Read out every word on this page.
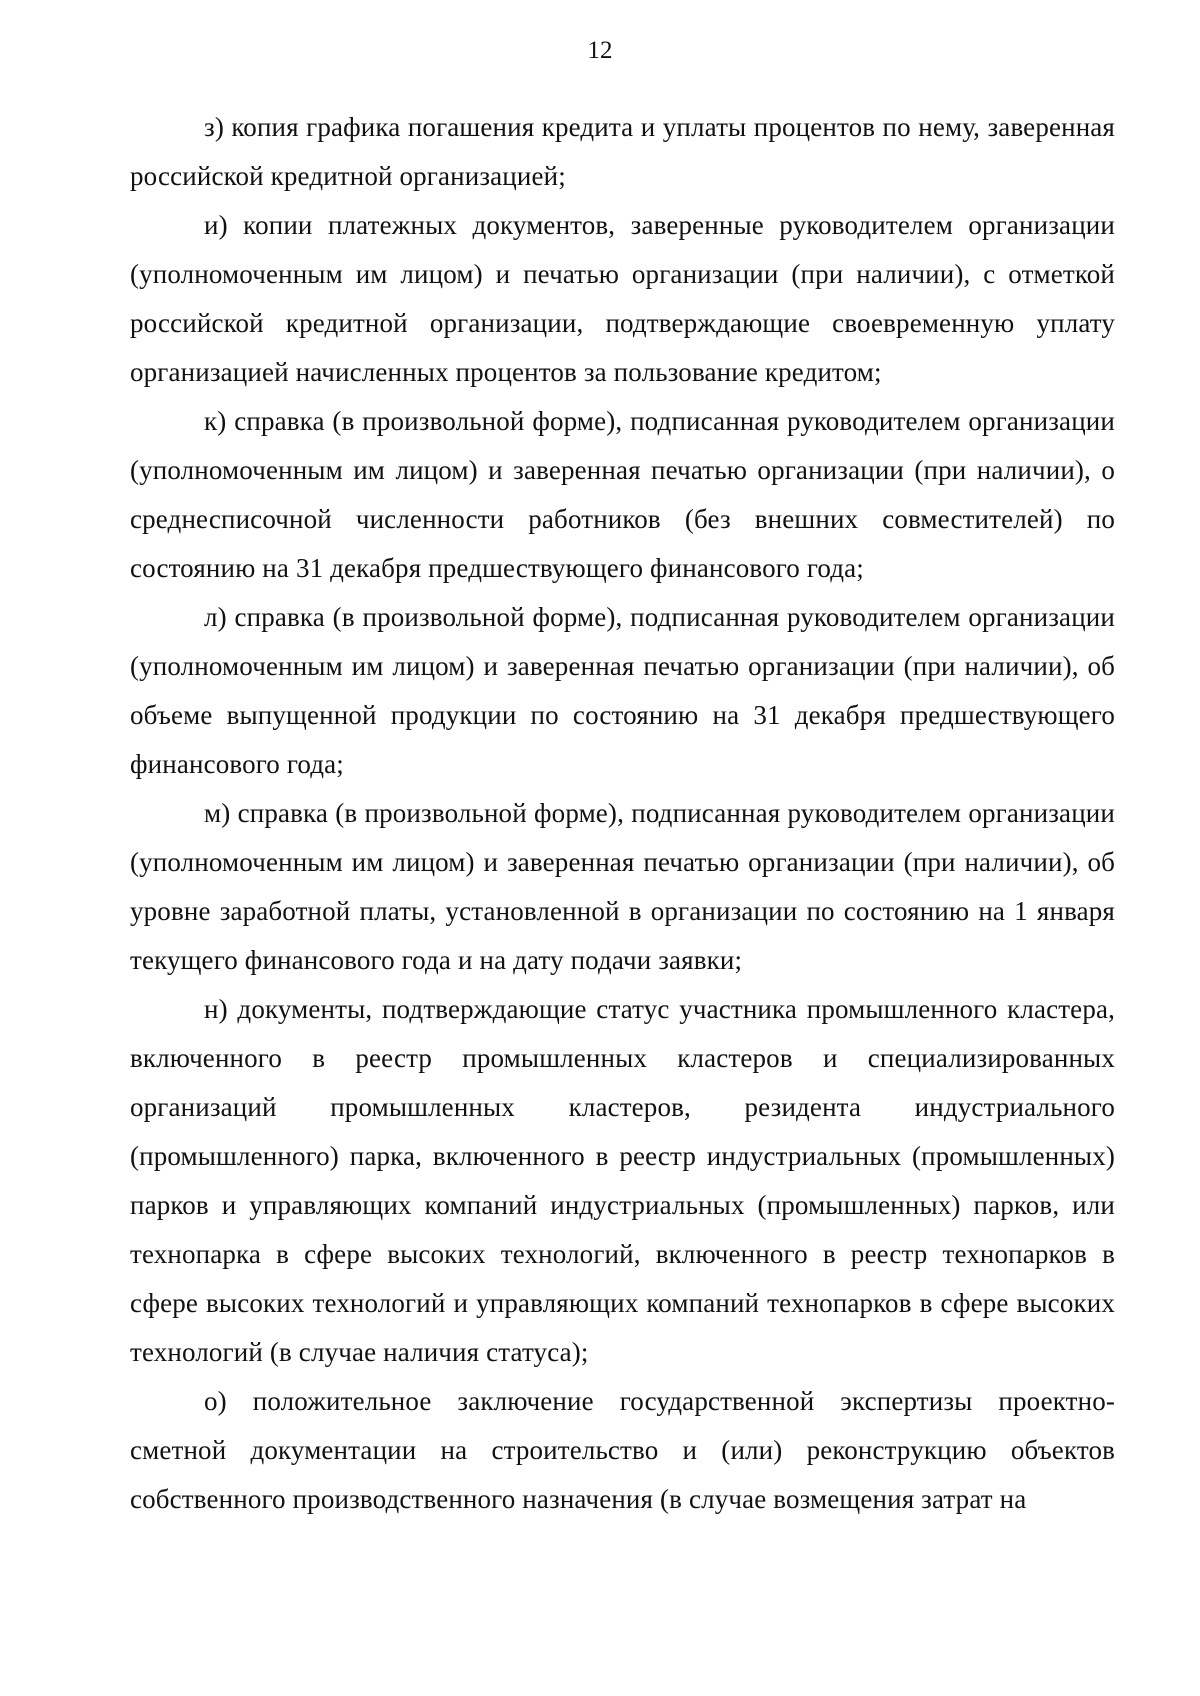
12

з) копия графика погашения кредита и уплаты процентов по нему, заверенная российской кредитной организацией;

и) копии платежных документов, заверенные руководителем организации (уполномоченным им лицом) и печатью организации (при наличии), с отметкой российской кредитной организации, подтверждающие своевременную уплату организацией начисленных процентов за пользование кредитом;

к) справка (в произвольной форме), подписанная руководителем организации (уполномоченным им лицом) и заверенная печатью организации (при наличии), о среднесписочной численности работников (без внешних совместителей) по состоянию на 31 декабря предшествующего финансового года;

л) справка (в произвольной форме), подписанная руководителем организации (уполномоченным им лицом) и заверенная печатью организации (при наличии), об объеме выпущенной продукции по состоянию на 31 декабря предшествующего финансового года;

м) справка (в произвольной форме), подписанная руководителем организации (уполномоченным им лицом) и заверенная печатью организации (при наличии), об уровне заработной платы, установленной в организации по состоянию на 1 января текущего финансового года и на дату подачи заявки;

н) документы, подтверждающие статус участника промышленного кластера, включенного в реестр промышленных кластеров и специализированных организаций промышленных кластеров, резидента индустриального (промышленного) парка, включенного в реестр индустриальных (промышленных) парков и управляющих компаний индустриальных (промышленных) парков, или технопарка в сфере высоких технологий, включенного в реестр технопарков в сфере высоких технологий и управляющих компаний технопарков в сфере высоких технологий (в случае наличия статуса);

о) положительное заключение государственной экспертизы проектно-сметной документации на строительство и (или) реконструкцию объектов собственного производственного назначения (в случае возмещения затрат на
